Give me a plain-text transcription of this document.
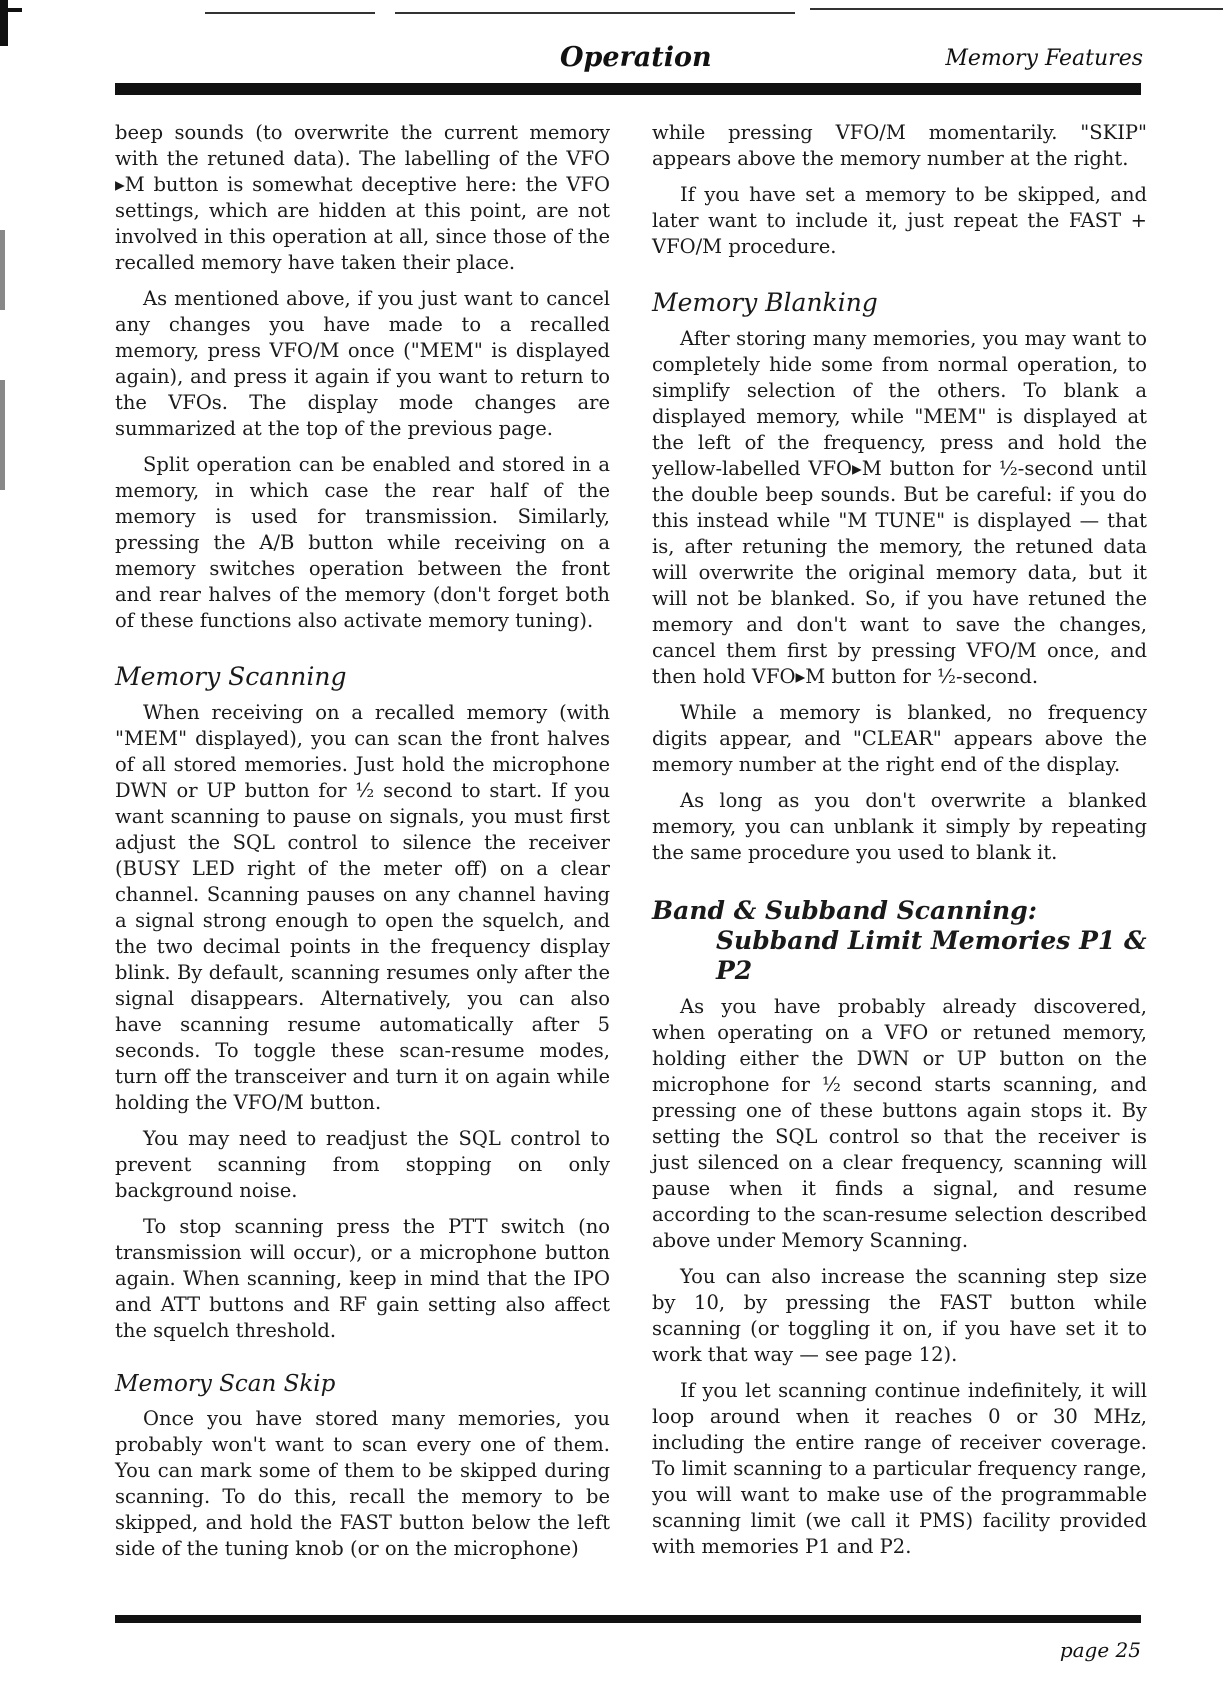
Operation	Memory Features

beep sounds (to overwrite the current memory with the retuned data). The labelling of the VFO ▸M button is somewhat deceptive here: the VFO settings, which are hidden at this point, are not involved in this operation at all, since those of the recalled memory have taken their place.

As mentioned above, if you just want to cancel any changes you have made to a recalled memory, press VFO/M once ("MEM" is displayed again), and press it again if you want to return to the VFOs. The display mode changes are summarized at the top of the previous page.

Split operation can be enabled and stored in a memory, in which case the rear half of the memory is used for transmission. Similarly, pressing the A/B button while receiving on a memory switches operation between the front and rear halves of the memory (don't forget both of these functions also activate memory tuning).

Memory Scanning

When receiving on a recalled memory (with "MEM" displayed), you can scan the front halves of all stored memories. Just hold the microphone DWN or UP button for ½ second to start. If you want scanning to pause on signals, you must first adjust the SQL control to silence the receiver (BUSY LED right of the meter off) on a clear channel. Scanning pauses on any channel having a signal strong enough to open the squelch, and the two decimal points in the frequency display blink. By default, scanning resumes only after the signal disappears. Alternatively, you can also have scanning resume automatically after 5 seconds. To toggle these scan-resume modes, turn off the transceiver and turn it on again while holding the VFO/M button.

You may need to readjust the SQL control to prevent scanning from stopping on only background noise.

To stop scanning press the PTT switch (no transmission will occur), or a microphone button again. When scanning, keep in mind that the IPO and ATT buttons and RF gain setting also affect the squelch threshold.

Memory Scan Skip

Once you have stored many memories, you probably won't want to scan every one of them. You can mark some of them to be skipped during scanning. To do this, recall the memory to be skipped, and hold the FAST button below the left side of the tuning knob (or on the microphone)

while pressing VFO/M momentarily. "SKIP" appears above the memory number at the right.

If you have set a memory to be skipped, and later want to include it, just repeat the FAST + VFO/M procedure.

Memory Blanking

After storing many memories, you may want to completely hide some from normal operation, to simplify selection of the others. To blank a displayed memory, while "MEM" is displayed at the left of the frequency, press and hold the yellow-labelled VFO▸M button for ½-second until the double beep sounds. But be careful: if you do this instead while "M TUNE" is displayed — that is, after retuning the memory, the retuned data will overwrite the original memory data, but it will not be blanked. So, if you have retuned the memory and don't want to save the changes, cancel them first by pressing VFO/M once, and then hold VFO▸M button for ½-second.

While a memory is blanked, no frequency digits appear, and "CLEAR" appears above the memory number at the right end of the display.

As long as you don't overwrite a blanked memory, you can unblank it simply by repeating the same procedure you used to blank it.

Band & Subband Scanning:
Subband Limit Memories P1 & P2

As you have probably already discovered, when operating on a VFO or retuned memory, holding either the DWN or UP button on the microphone for ½ second starts scanning, and pressing one of these buttons again stops it. By setting the SQL control so that the receiver is just silenced on a clear frequency, scanning will pause when it finds a signal, and resume according to the scan-resume selection described above under Memory Scanning.

You can also increase the scanning step size by 10, by pressing the FAST button while scanning (or toggling it on, if you have set it to work that way — see page 12).

If you let scanning continue indefinitely, it will loop around when it reaches 0 or 30 MHz, including the entire range of receiver coverage. To limit scanning to a particular frequency range, you will want to make use of the programmable scanning limit (we call it PMS) facility provided with memories P1 and P2.

page 25
